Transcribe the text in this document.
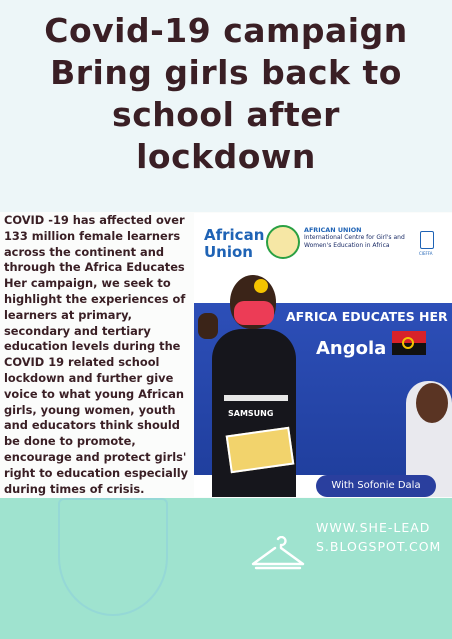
Covid-19 campaign
Bring girls back to
school after
lockdown

COVID -19 has affected over 133 million female learners across the continent and through the Africa Educates Her campaign, we seek to highlight the experiences of learners at primary, secondary and tertiary education levels during the COVID 19 related school lockdown and further give voice to what young African girls, young women, youth and educators think should be done to promote, encourage and protect girls' right to education especially during times of crisis.

African Union
AFRICAN UNION
International Centre for Girl's and Women's Education in Africa
CIEFFA
AFRICA EDUCATES HER
Angola
SAMSUNG
With Sofonie Dala
WWW.SHE-LEADS.BLOGSPOT.COM
